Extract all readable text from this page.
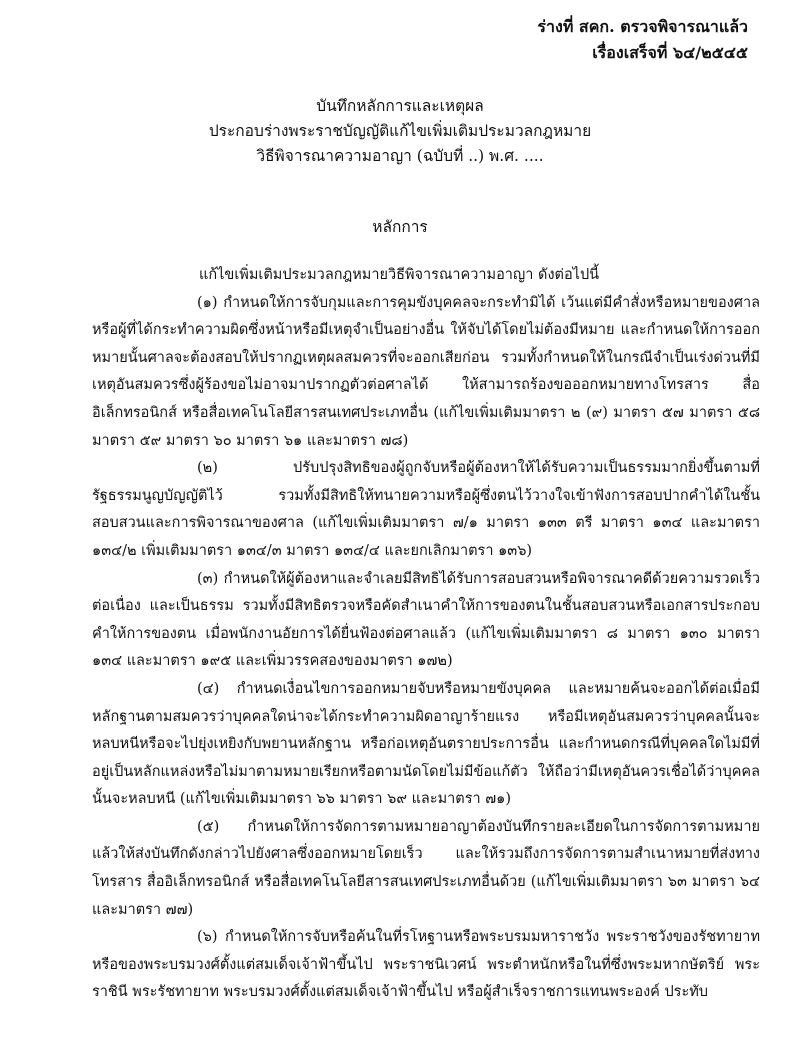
ร่างที่ สคก. ตรวจพิจารณาแล้ว
เรื่องเสร็จที่ ๖๔/๒๕๔๕
บันทึกหลักการและเหตุผล
ประกอบร่างพระราชบัญญัติแก้ไขเพิ่มเติมประมวลกฎหมาย
วิธีพิจารณาความอาญา (ฉบับที่ ..) พ.ศ. ....
หลักการ

แก้ไขเพิ่มเติมประมวลกฎหมายวิธีพิจารณาความอาญา ดังต่อไปนี้

(๑) กำหนดให้การจับกุมและการคุมขังบุคคลจะกระทำมิได้ เว้นแต่มีคำสั่งหรือหมายของศาล หรือผู้ที่ได้กระทำความผิดซึ่งหน้าหรือมีเหตุจำเป็นอย่างอื่น ให้จับได้โดยไม่ต้องมีหมาย และกำหนดให้การออกหมายนั้นศาลจะต้องสอบให้ปรากฏเหตุผลสมควรที่จะออกเสียก่อน รวมทั้งกำหนดให้ในกรณีจำเป็นเร่งด่วนที่มีเหตุอันสมควรซึ่งผู้ร้องขอไม่อาจมาปรากฏตัวต่อศาลได้ ให้สามารถร้องขอออกหมายทางโทรสาร สื่ออิเล็กทรอนิกส์ หรือสื่อเทคโนโลยีสารสนเทศประเภทอื่น (แก้ไขเพิ่มเติมมาตรา ๒ (๙) มาตรา ๕๗ มาตรา ๕๘ มาตรา ๕๙ มาตรา ๖๐ มาตรา ๖๑ และมาตรา ๗๘)

(๒) ปรับปรุงสิทธิของผู้ถูกจับหรือผู้ต้องหาให้ได้รับความเป็นธรรมมากยิ่งขึ้นตามที่รัฐธรรมนูญบัญญัติไว้ รวมทั้งมีสิทธิให้ทนายความหรือผู้ซึ่งตนไว้วางใจเข้าฟังการสอบปากคำได้ในชั้นสอบสวนและการพิจารณาของศาล (แก้ไขเพิ่มเติมมาตรา ๗/๑ มาตรา ๑๓๓ ตรี มาตรา ๑๓๔ และมาตรา ๑๓๔/๒ เพิ่มเติมมาตรา ๑๓๔/๓ มาตรา ๑๓๔/๔ และยกเลิกมาตรา ๑๓๖)

(๓) กำหนดให้ผู้ต้องหาและจำเลยมีสิทธิได้รับการสอบสวนหรือพิจารณาคดีด้วยความรวดเร็ว ต่อเนื่อง และเป็นธรรม รวมทั้งมีสิทธิตรวจหรือคัดสำเนาคำให้การของตนในชั้นสอบสวนหรือเอกสารประกอบคำให้การของตน เมื่อพนักงานอัยการได้ยื่นฟ้องต่อศาลแล้ว (แก้ไขเพิ่มเติมมาตรา ๘ มาตรา ๑๓๐ มาตรา ๑๓๔ และมาตรา ๑๙๕ และเพิ่มวรรคสองของมาตรา ๑๗๒)

(๔) กำหนดเงื่อนไขการออกหมายจับหรือหมายขังบุคคล และหมายค้นจะออกได้ต่อเมื่อมีหลักฐานตามสมควรว่าบุคคลใดน่าจะได้กระทำความผิดอาญาร้ายแรง หรือมีเหตุอันสมควรว่าบุคคลนั้นจะหลบหนีหรือจะไปยุ่งเหยิงกับพยานหลักฐาน หรือก่อเหตุอันตรายประการอื่น และกำหนดกรณีที่บุคคลใดไม่มีที่อยู่เป็นหลักแหล่งหรือไม่มาตามหมายเรียกหรือตามนัดโดยไม่มีข้อแก้ตัว ให้ถือว่ามีเหตุอันควรเชื่อได้ว่าบุคคลนั้นจะหลบหนี (แก้ไขเพิ่มเติมมาตรา ๖๖ มาตรา ๖๙ และมาตรา ๗๑)

(๕) กำหนดให้การจัดการตามหมายอาญาต้องบันทึกรายละเอียดในการจัดการตามหมายแล้วให้ส่งบันทึกดังกล่าวไปยังศาลซึ่งออกหมายโดยเร็ว และให้รวมถึงการจัดการตามสำเนาหมายที่ส่งทางโทรสาร สื่ออิเล็กทรอนิกส์ หรือสื่อเทคโนโลยีสารสนเทศประเภทอื่นด้วย (แก้ไขเพิ่มเติมมาตรา ๖๓ มาตรา ๖๔ และมาตรา ๗๗)

(๖) กำหนดให้การจับหรือค้นในที่รโหฐานหรือพระบรมมหาราชวัง พระราชวังของรัชทายาทหรือของพระบรมวงศ์ตั้งแต่สมเด็จเจ้าฟ้าขึ้นไป พระราชนิเวศน์ พระตำหนักหรือในที่ซึ่งพระมหากษัตริย์ พระราชินี พระรัชทายาท พระบรมวงศ์ตั้งแต่สมเด็จเจ้าฟ้าขึ้นไป หรือผู้สำเร็จราชการแทนพระองค์ ประทับ
